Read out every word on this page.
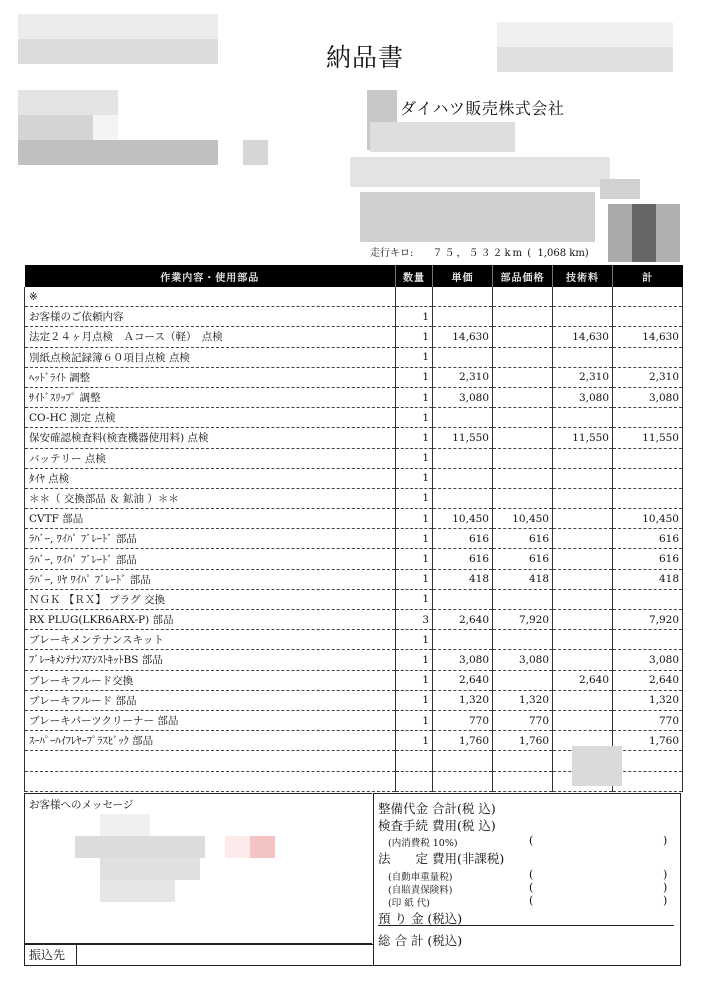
納品書
ダイハツ販売株式会社
走行キロ: ７５，５３２km (  1,068 km)
作業内容・使用部品	数量	単価	部品価格	技術料	計
※					
お客様のご依頼内容	1				
法定２４ヶ月点検　Ａコース（軽）　点検	1	14,630		14,630	14,630
別紙点検記録簿６０項目点検 点検	1				
ﾍｯﾄﾞﾗｲﾄ 調整	1	2,310		2,310	2,310
ｻｲﾄﾞｽﾘｯﾌﾟ 調整	1	3,080		3,080	3,080
CO-HC 測定 点検	1				
保安確認検査料(検査機器使用料) 点検	1	11,550		11,550	11,550
バッテリー 点検	1				
ﾀｲﾔ 点検	1				
＊＊（ 交換部品 ＆ 鉱油 ）＊＊	1				
CVTF 部品	1	10,450	10,450		10,450
ﾗﾊﾞｰ, ﾜｲﾊﾟ ﾌﾞﾚｰﾄﾞ 部品	1	616	616		616
ﾗﾊﾞｰ, ﾜｲﾊﾟ ﾌﾞﾚｰﾄﾞ 部品	1	616	616		616
ﾗﾊﾞｰ, ﾘﾔ ﾜｲﾊﾟ ﾌﾞﾚｰﾄﾞ 部品	1	418	418		418
ＮＧＫ 【ＲＸ】 プラグ 交換	1				
RX PLUG(LKR6ARX-P) 部品	3	2,640	7,920		7,920
ブレーキメンテナンスキット	1				
ﾌﾞﾚｰｷﾒﾝﾃﾅﾝｽｱｼｽﾄｷｯﾄBS 部品	1	3,080	3,080		3,080
ブレーキフルード交換	1	2,640		2,640	2,640
ブレーキフルード 部品	1	1,320	1,320		1,320
ブレーキパーツクリーナー 部品	1	770	770		770
ｽｰﾊﾟｰﾊｲﾌﾚﾔｰﾌﾟﾗｽﾋﾞｯｸ 部品	1	1,760	1,760		1,760

お客様へのメッセージ
振込先
整備代金 合計(税 込)
検査手続 費用(税 込)
(内消費税 10%)	(	)
法　　定 費用(非課税)
(自動車重量税)	(	)
(自賠責保険料)	(	)
(印 紙 代)	(	)
預 り 金 (税込)
総 合 計 (税込)
